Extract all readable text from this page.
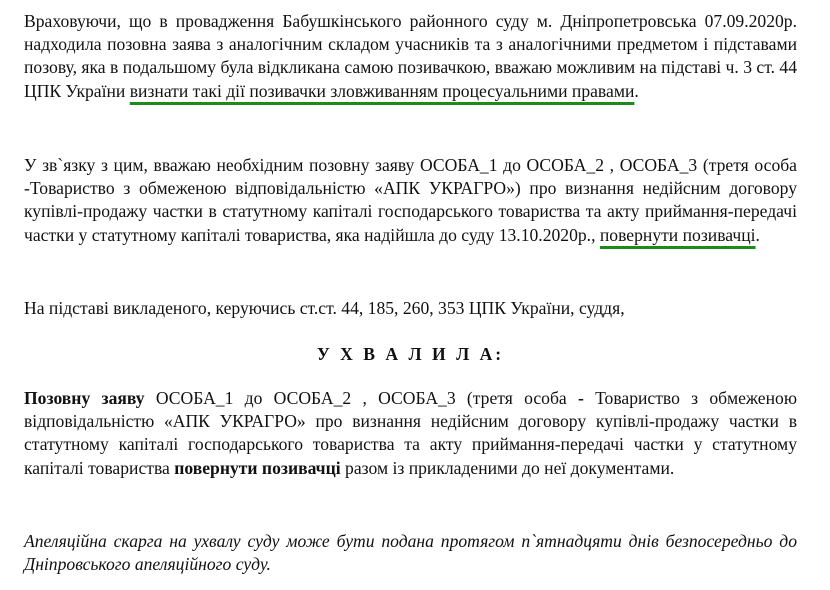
Враховуючи, що в провадження Бабушкінського районного суду м. Дніпропетровська 07.09.2020р. надходила позовна заява з аналогічним складом учасників та з аналогічними предметом і підставами позову, яка в подальшому була відкликана самою позивачкою, вважаю можливим на підставі ч. 3 ст. 44 ЦПК України визнати такі дії позивачки зловживанням процесуальними правами.

У зв`язку з цим, вважаю необхідним позовну заяву ОСОБА_1 до ОСОБА_2 , ОСОБА_3 (третя особа -Товариство з обмеженою відповідальністю «АПК УКРАГРО») про визнання недійсним договору купівлі-продажу частки в статутному капіталі господарського товариства та акту приймання-передачі частки у статутному капіталі товариства, яка надійшла до суду 13.10.2020р., повернути позивачці.

На підставі викладеного, керуючись ст.ст. 44, 185, 260, 353 ЦПК України, суддя,

У Х В А Л И Л А:

Позовну заяву ОСОБА_1 до ОСОБА_2 , ОСОБА_3 (третя особа - Товариство з обмеженою відповідальністю «АПК УКРАГРО» про визнання недійсним договору купівлі-продажу частки в статутному капіталі господарського товариства та акту приймання-передачі частки у статутному капіталі товариства повернути позивачці разом із прикладеними до неї документами.

Апеляційна скарга на ухвалу суду може бути подана протягом п`ятнадцяти днів безпосередньо до Дніпровського апеляційного суду.
